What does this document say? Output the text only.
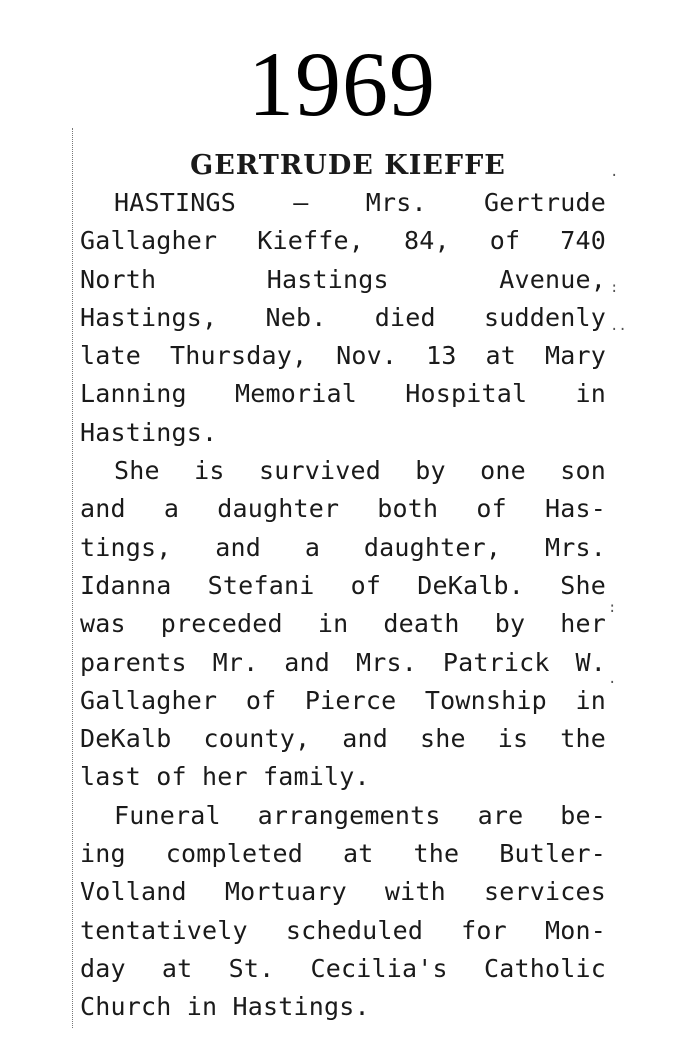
1969
GERTRUDE KIEFFE
HASTINGS — Mrs. Gertrude
Gallagher Kieffe, 84, of 740
North Hastings Avenue,
Hastings, Neb. died suddenly
late Thursday, Nov. 13 at Mary
Lanning Memorial Hospital in
Hastings.
She is survived by one son
and a daughter both of Has-
tings, and a daughter, Mrs.
Idanna Stefani of DeKalb. She
was preceded in death by her
parents Mr. and Mrs. Patrick W.
Gallagher of Pierce Township in
DeKalb county, and she is the
last of her family.
Funeral arrangements are be-
ing completed at the Butler-
Volland Mortuary with services
tentatively scheduled for Mon-
day at St. Cecilia's Catholic
Church in Hastings.
·
:
..
:
·
